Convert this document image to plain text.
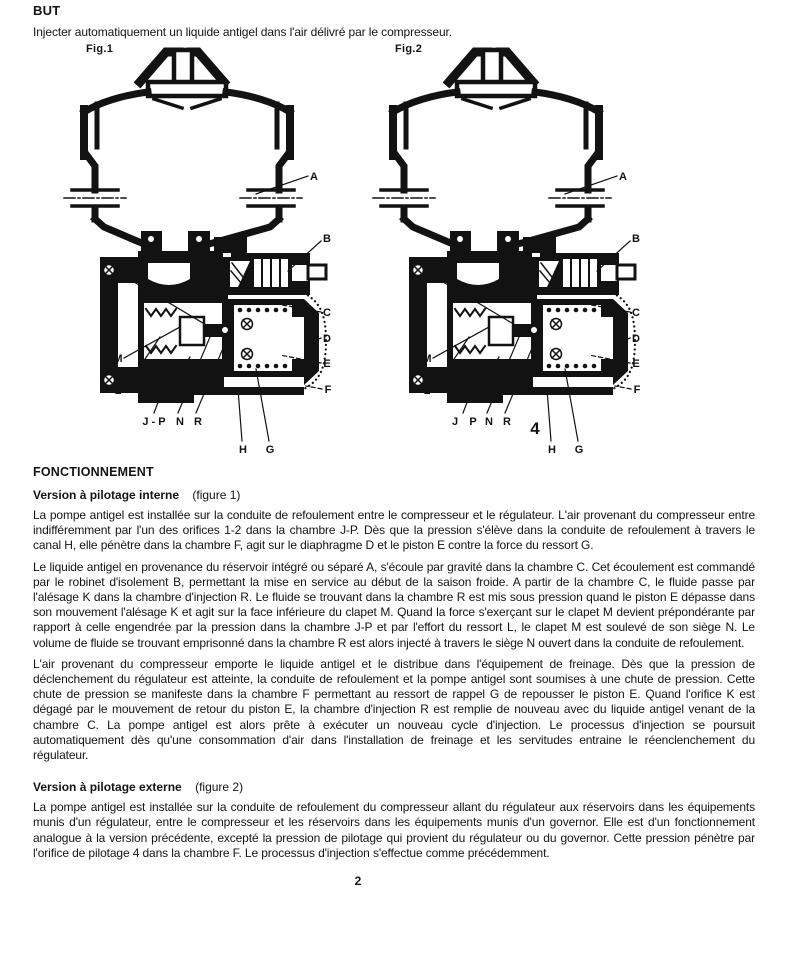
BUT

Injecter automatiquement un liquide antigel dans l'air délivré par le compresseur.

Fig.1
A
B
C
D
E
F
K
M
L 1-2
J - P N R
H G
Fig.2
A
B
C
D
E
F
K
M
L 1-2
J P N R 4
H G
FONCTIONNEMENT
Version à pilotage interne (figure 1)

La pompe antigel est installée sur la conduite de refoulement entre le compresseur et le régulateur. L'air provenant du compresseur entre indifféremment par l'un des orifices 1-2 dans la chambre J-P. Dès que la pression s'élève dans la conduite de refoulement à travers le canal H, elle pénètre dans la chambre F, agit sur le diaphragme D et le piston E contre la force du ressort G.

Le liquide antigel en provenance du réservoir intégré ou séparé A, s'écoule par gravité dans la chambre C. Cet écoulement est commandé par le robinet d'isolement B, permettant la mise en service au début de la saison froide. A partir de la chambre C, le fluide passe par l'alésage K dans la chambre d'injection R. Le fluide se trouvant dans la chambre R est mis sous pression quand le piston E dépasse dans son mouvement l'alésage K et agit sur la face inférieure du clapet M. Quand la force s'exerçant sur le clapet M devient prépondérante par rapport à celle engendrée par la pression dans la chambre J-P et par l'effort du ressort L, le clapet M est soulevé de son siège N. Le volume de fluide se trouvant emprisonné dans la chambre R est alors injecté à travers le siège N ouvert dans la conduite de refoulement.

L'air provenant du compresseur emporte le liquide antigel et le distribue dans l'équipement de freinage. Dès que la pression de déclenchement du régulateur est atteinte, la conduite de refoulement et la pompe antigel sont soumises à une chute de pression. Cette chute de pression se manifeste dans la chambre F permettant au ressort de rappel G de repousser le piston E. Quand l'orifice K est dégagé par le mouvement de retour du piston E, la chambre d'injection R est remplie de nouveau avec du liquide antigel venant de la chambre C. La pompe antigel est alors prête à exécuter un nouveau cycle d'injection. Le processus d'injection se poursuit automatiquement dès qu'une consommation d'air dans l'installation de freinage et les servitudes entraine le réenclenchement du régulateur.

Version à pilotage externe (figure 2)

La pompe antigel est installée sur la conduite de refoulement du compresseur allant du régulateur aux réservoirs dans les équipements munis d'un régulateur, entre le compresseur et les réservoirs dans les équipements munis d'un governor. Elle est d'un fonctionnement analogue à la version précédente, excepté la pression de pilotage qui provient du régulateur ou du governor. Cette pression pénètre par l'orifice de pilotage 4 dans la chambre F. Le processus d'injection s'effectue comme précédemment.

2
